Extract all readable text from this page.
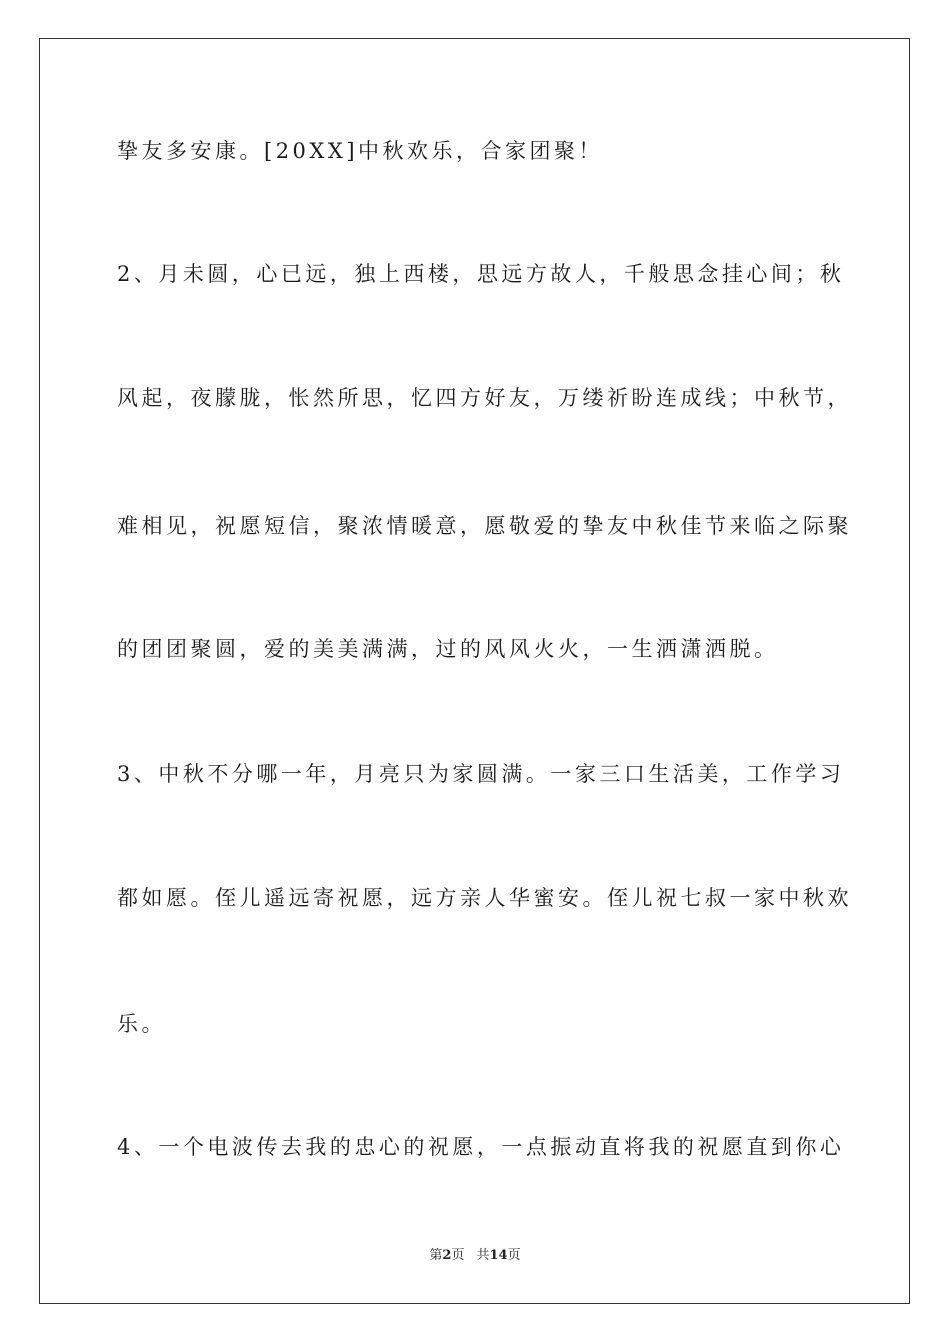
挚友多安康。[20XX]中秋欢乐，合家团聚！
2、月未圆，心已远，独上西楼，思远方故人，千般思念挂心间；秋
风起，夜朦胧，怅然所思，忆四方好友，万缕祈盼连成线；中秋节，
难相见，祝愿短信，聚浓情暖意，愿敬爱的挚友中秋佳节来临之际聚
的团团聚圆，爱的美美满满，过的风风火火，一生洒潇洒脱。
3、中秋不分哪一年，月亮只为家圆满。一家三口生活美，工作学习
都如愿。侄儿遥远寄祝愿，远方亲人华蜜安。侄儿祝七叔一家中秋欢
乐。
4、一个电波传去我的忠心的祝愿，一点振动直将我的祝愿直到你心
第2页 共14页
